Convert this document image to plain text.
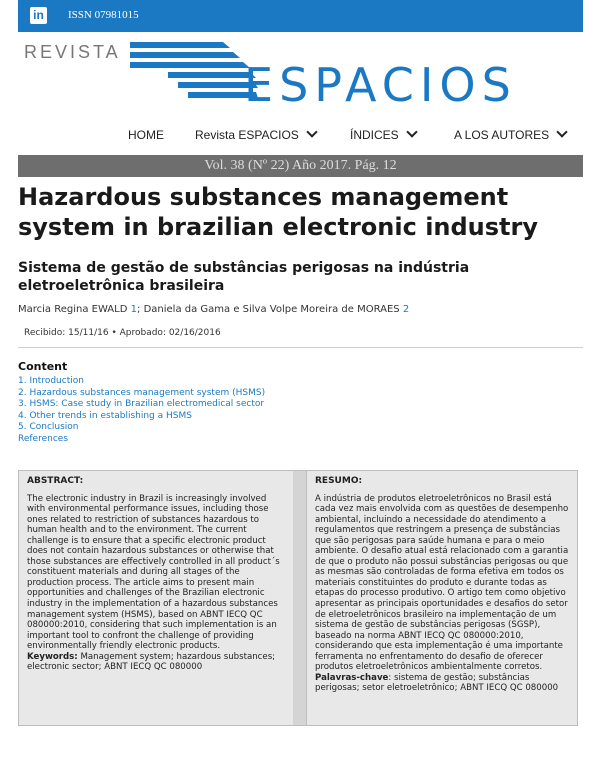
in ISSN 07981015
REVISTA
ESPACIOS
HOME	Revista ESPACIOS	ÍNDICES	A LOS AUTORES
Vol. 38 (Nº 22) Año 2017. Pág. 12
Hazardous substances management system in brazilian electronic industry
Sistema de gestão de substâncias perigosas na indústria eletroeletrônica brasileira
Marcia Regina EWALD 1; Daniela da Gama e Silva Volpe Moreira de MORAES 2
Recibido: 15/11/16 • Aprobado: 02/16/2016
Content
1. Introduction
2. Hazardous substances management system (HSMS)
3. HSMS: Case study in Brazilian electromedical sector
4. Other trends in establishing a HSMS
5. Conclusion
References
ABSTRACT:

The electronic industry in Brazil is increasingly involved with environmental performance issues, including those ones related to restriction of substances hazardous to human health and to the environment. The current challenge is to ensure that a specific electronic product does not contain hazardous substances or otherwise that those substances are effectively controlled in all product´s constituent materials and during all stages of the production process. The article aims to present main opportunities and challenges of the Brazilian electronic industry in the implementation of a hazardous substances management system (HSMS), based on ABNT IECQ QC 080000:2010, considering that such implementation is an important tool to confront the challenge of providing environmentally friendly electronic products.

Keywords: Management system; hazardous substances; electronic sector; ABNT IECQ QC 080000

RESUMO:

A indústria de produtos eletroeletrônicos no Brasil está cada vez mais envolvida com as questões de desempenho ambiental, incluindo a necessidade do atendimento a regulamentos que restringem a presença de substâncias que são perigosas para saúde humana e para o meio ambiente. O desafio atual está relacionado com a garantia de que o produto não possui substâncias perigosas ou que as mesmas são controladas de forma efetiva em todos os materiais constituintes do produto e durante todas as etapas do processo produtivo. O artigo tem como objetivo apresentar as principais oportunidades e desafios do setor de eletroeletrônicos brasileiro na implementação de um sistema de gestão de substâncias perigosas (SGSP), baseado na norma ABNT IECQ QC 080000:2010, considerando que esta implementação é uma importante ferramenta no enfrentamento do desafio de oferecer produtos eletroeletrônicos ambientalmente corretos.

Palavras-chave: sistema de gestão; substâncias perigosas; setor eletroeletrônico; ABNT IECQ QC 080000
